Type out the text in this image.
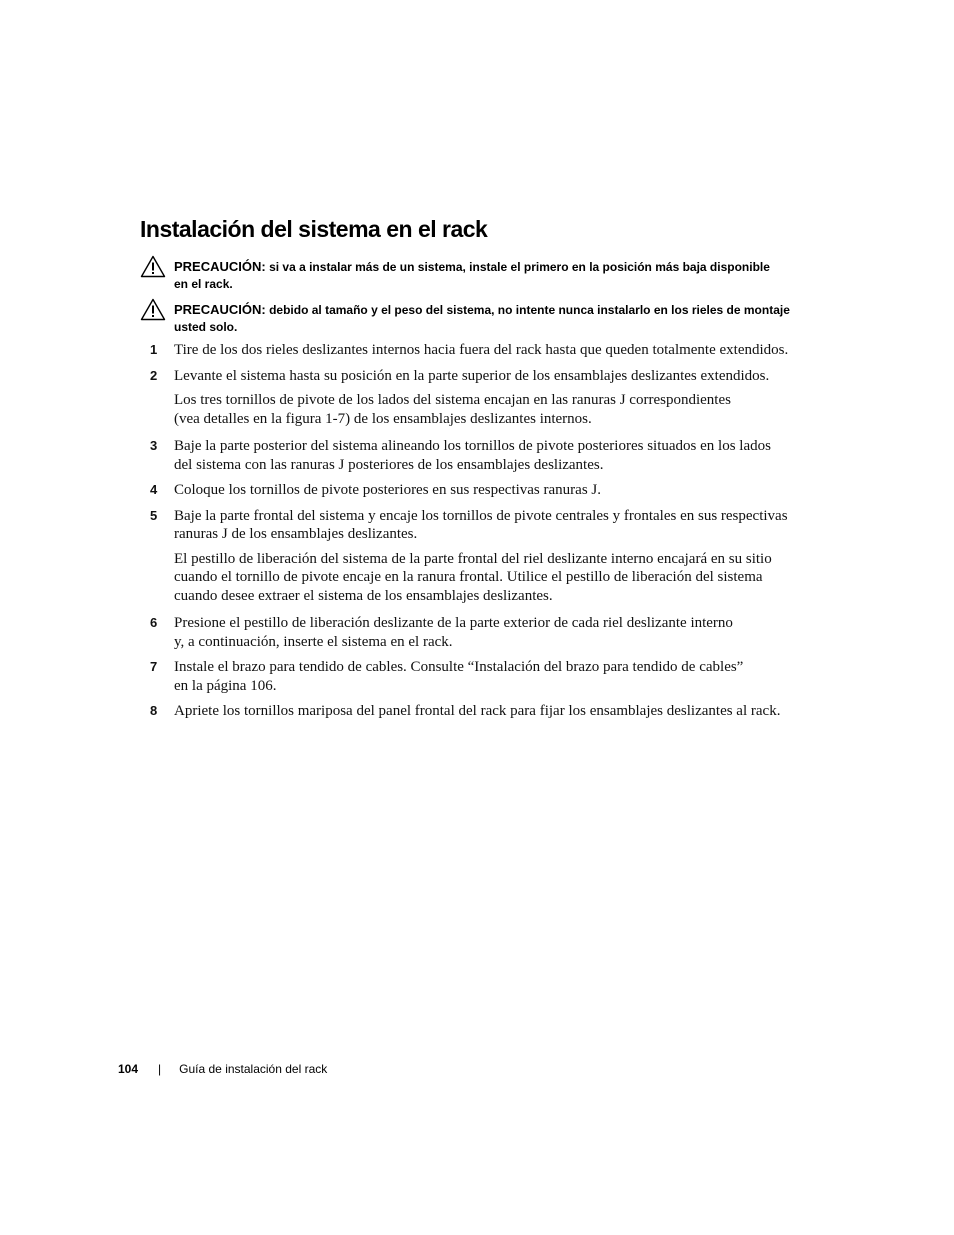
Instalación del sistema en el rack
PRECAUCIÓN: si va a instalar más de un sistema, instale el primero en la posición más baja disponible
en el rack.
PRECAUCIÓN: debido al tamaño y el peso del sistema, no intente nunca instalarlo en los rieles de montaje
usted solo.
1 Tire de los dos rieles deslizantes internos hacia fuera del rack hasta que queden totalmente extendidos.
2 Levante el sistema hasta su posición en la parte superior de los ensamblajes deslizantes extendidos.
Los tres tornillos de pivote de los lados del sistema encajan en las ranuras J correspondientes
(vea detalles en la figura 1-7) de los ensamblajes deslizantes internos.
3 Baje la parte posterior del sistema alineando los tornillos de pivote posteriores situados en los lados
del sistema con las ranuras J posteriores de los ensamblajes deslizantes.
4 Coloque los tornillos de pivote posteriores en sus respectivas ranuras J.
5 Baje la parte frontal del sistema y encaje los tornillos de pivote centrales y frontales en sus respectivas
ranuras J de los ensamblajes deslizantes.
El pestillo de liberación del sistema de la parte frontal del riel deslizante interno encajará en su sitio
cuando el tornillo de pivote encaje en la ranura frontal. Utilice el pestillo de liberación del sistema
cuando desee extraer el sistema de los ensamblajes deslizantes.
6 Presione el pestillo de liberación deslizante de la parte exterior de cada riel deslizante interno
y, a continuación, inserte el sistema en el rack.
7 Instale el brazo para tendido de cables. Consulte “Instalación del brazo para tendido de cables”
en la página 106.
8 Apriete los tornillos mariposa del panel frontal del rack para fijar los ensamblajes deslizantes al rack.
104 | Guía de instalación del rack
